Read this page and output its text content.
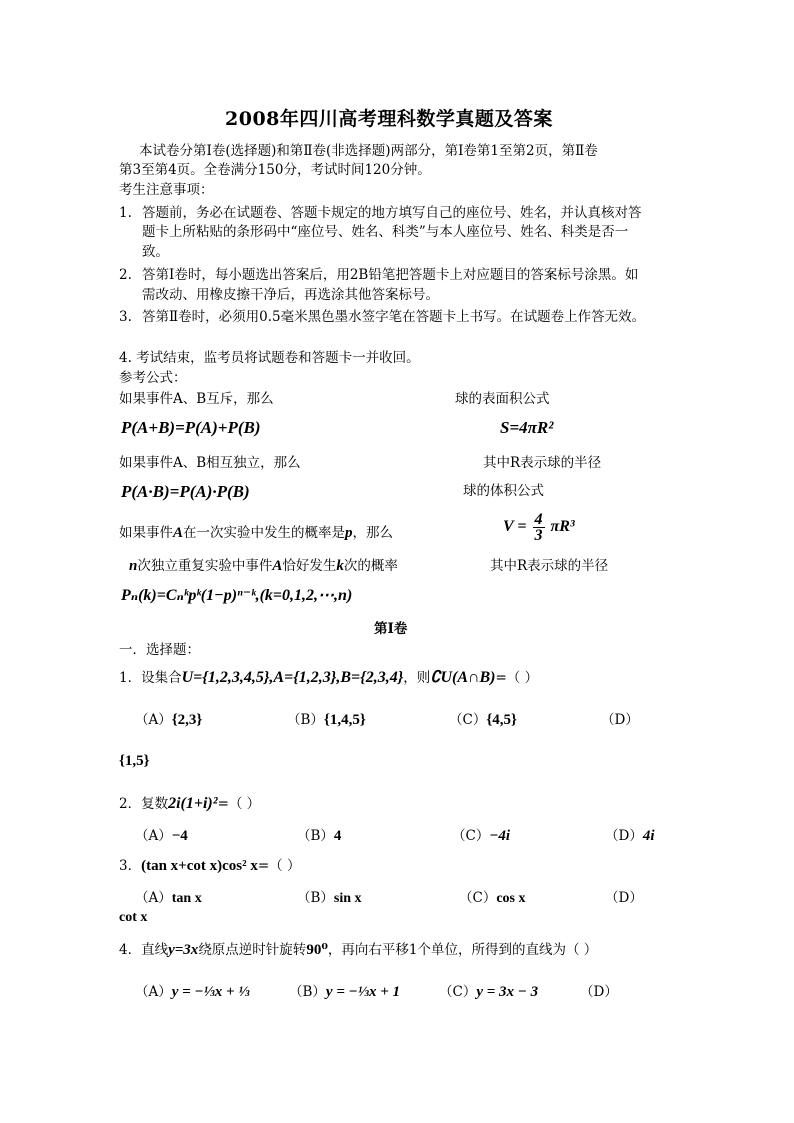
2008年四川高考理科数学真题及答案
本试卷分第Ⅰ卷(选择题)和第Ⅱ卷(非选择题)两部分，第Ⅰ卷第1至第2页，第Ⅱ卷
第3至第4页。全卷满分150分，考试时间120分钟。
考生注意事项：
1. 答题前，务必在试题卷、答题卡规定的地方填写自己的座位号、姓名，并认真核对答
题卡上所粘贴的条形码中“座位号、姓名、科类”与本人座位号、姓名、科类是否一
致。
2. 答第Ⅰ卷时，每小题选出答案后，用2B铅笔把答题卡上对应题目的答案标号涂黑。如
需改动、用橡皮擦干净后，再选涂其他答案标号。
3. 答第Ⅱ卷时，必须用0.5毫米黑色墨水签字笔在答题卡上书写。在试题卷上作答无效。
4. 考试结束，监考员将试题卷和答题卡一并收回。
参考公式：
如果事件A、B互斥，那么	球的表面积公式
P(A+B)=P(A)+P(B)	S=4πR²
如果事件A、B相互独立，那么	其中R表示球的半径
P(A·B)=P(A)·P(B)	球的体积公式
如果事件A在一次实验中发生的概率是p，那么	$V = \frac{4}{3} \pi R^3$
n次独立重复实验中事件A恰好发生k次的概率	其中R表示球的半径
Pₙ(k)=Cₙᵏpᵏ(1−p)ⁿ⁻ᵏ,(k=0,1,2,⋯,n)
第Ⅰ卷
一．选择题：
1．设集合U={1,2,3,4,5},A={1,2,3},B={2,3,4}，则∁U(A∩B)=（ ）
（A）{2,3}	（B）{1,4,5}	（C）{4,5}	（D）
{1,5}
2．复数2i(1+i)²=（ ）
（A）−4	（B）4	（C）−4i	（D）4i
3．(tan x+cot x)cos² x=（ ）
（A）tan x	（B）sin x	（C）cos x	（D）
cot x
4．直线y=3x绕原点逆时针旋转90⁰，再向右平移1个单位，所得到的直线为（ ）
（A）y = −⅓x + ⅓	（B）y = −⅓x + 1	（C）y = 3x − 3	（D）
